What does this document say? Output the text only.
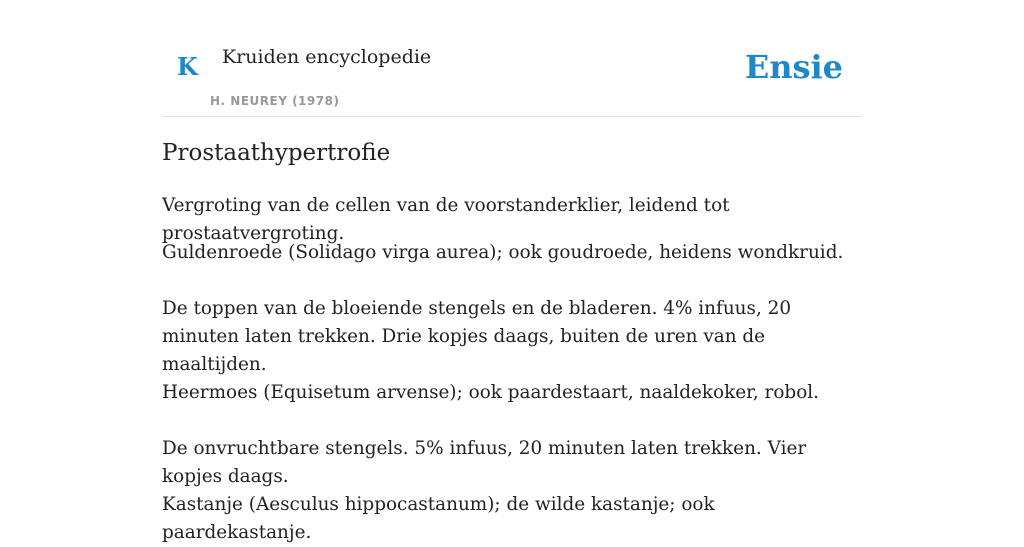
K Kruiden encyclopedie
H. NEUREY (1978)
Ensie
Prostaathypertrofie

Vergroting van de cellen van de voorstanderklier, leidend tot prostaatvergroting.

Guldenroede (Solidago virga aurea); ook goudroede, heidens wondkruid.

De toppen van de bloeiende stengels en de bladeren. 4% infuus, 20 minuten laten trekken. Drie kopjes daags, buiten de uren van de maaltijden.

Heermoes (Equisetum arvense); ook paardestaart, naaldekoker, robol.

De onvruchtbare stengels. 5% infuus, 20 minuten laten trekken. Vier kopjes daags.

Kastanje (Aesculus hippocastanum); de wilde kastanje; ook paardekastanje.
